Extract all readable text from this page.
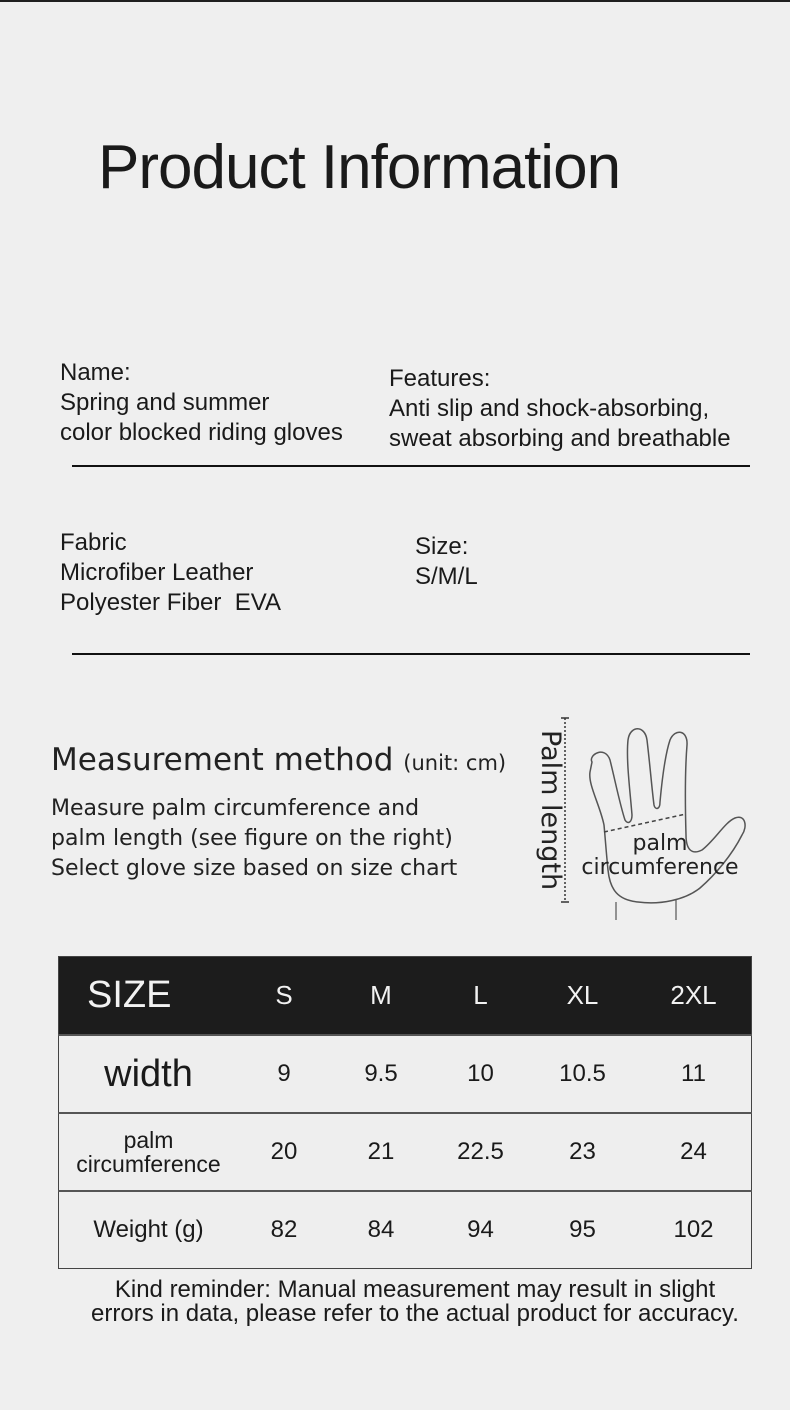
Product Information
Name:
Spring and summer
color blocked riding gloves
Features:
Anti slip and shock-absorbing,
sweat absorbing and breathable
Fabric
Microfiber Leather
Polyester Fiber  EVA
Size:
S/M/L
Measurement method (unit: cm)
Measure palm circumference and
palm length (see figure on the right)
Select glove size based on size chart	Palm length	palm
circumference
SIZE	S	M	L	XL	2XL
width	9	9.5	10	10.5	11

palm
circumference	20	21	22.5	23	24
Weight (g)	82	84	94	95	102
Kind reminder: Manual measurement may result in slight
errors in data, please refer to the actual product for accuracy.
